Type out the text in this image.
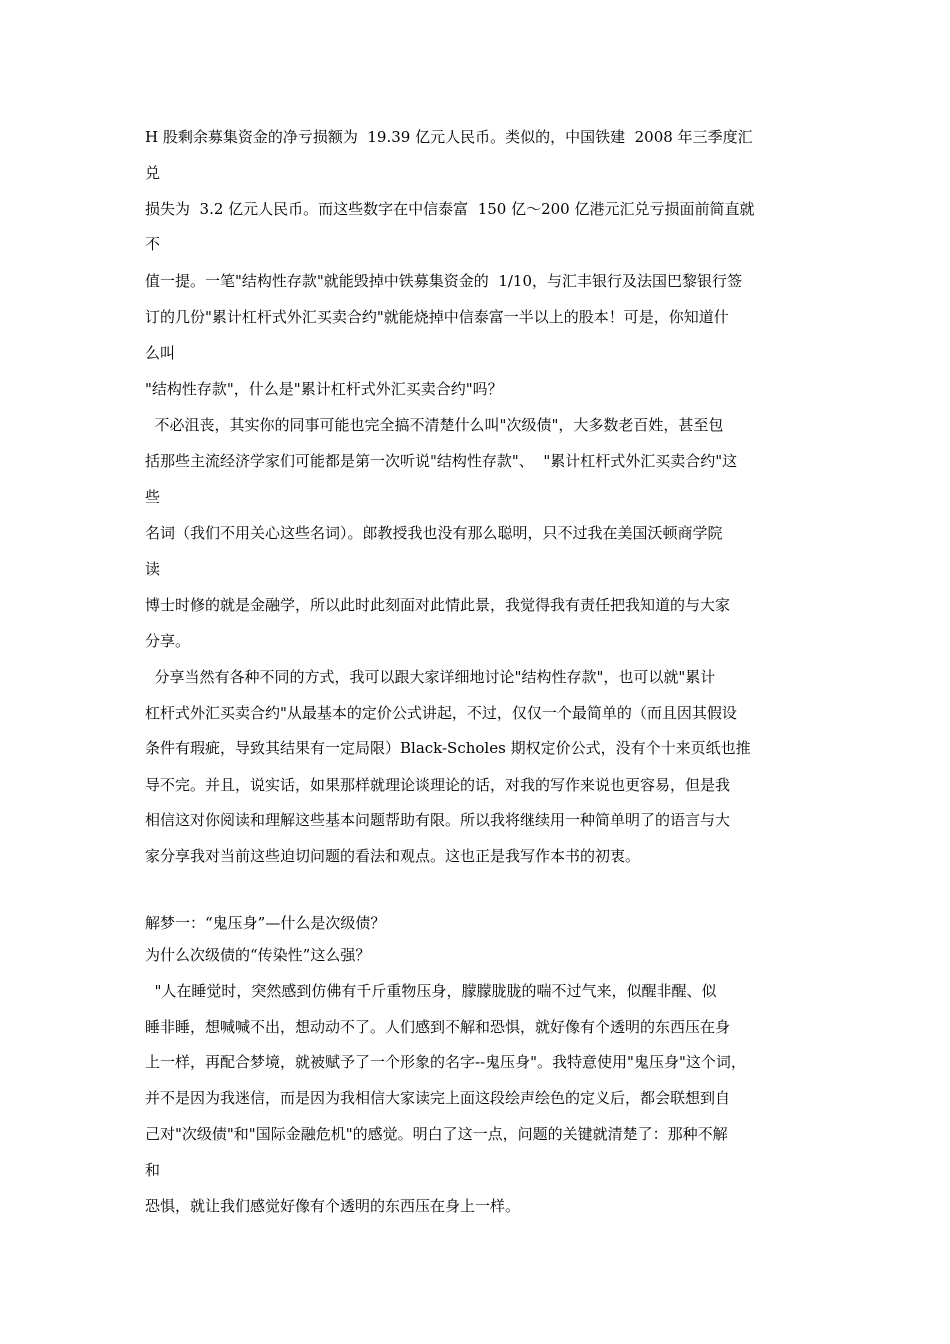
H 股剩余募集资金的净亏损额为  19.39 亿元人民币。类似的，中国铁建  2008 年三季度汇

兑

损失为  3.2 亿元人民币。而这些数字在中信泰富  150 亿～200 亿港元汇兑亏损面前简直就

不

值一提。一笔"结构性存款"就能毁掉中铁募集资金的  1/10，与汇丰银行及法国巴黎银行签

订的几份"累计杠杆式外汇买卖合约"就能烧掉中信泰富一半以上的股本！可是，你知道什

么叫

"结构性存款"，什么是"累计杠杆式外汇买卖合约"吗？

不必沮丧，其实你的同事可能也完全搞不清楚什么叫"次级债"，大多数老百姓，甚至包

括那些主流经济学家们可能都是第一次听说"结构性存款"、  "累计杠杆式外汇买卖合约"这

些

名词（我们不用关心这些名词）。郎教授我也没有那么聪明，只不过我在美国沃顿商学院

读

博士时修的就是金融学，所以此时此刻面对此情此景，我觉得我有责任把我知道的与大家

分享。

分享当然有各种不同的方式，我可以跟大家详细地讨论"结构性存款"，也可以就"累计

杠杆式外汇买卖合约"从最基本的定价公式讲起，不过，仅仅一个最简单的（而且因其假设

条件有瑕疵，导致其结果有一定局限）Black-Scholes 期权定价公式，没有个十来页纸也推

导不完。并且，说实话，如果那样就理论谈理论的话，对我的写作来说也更容易，但是我

相信这对你阅读和理解这些基本问题帮助有限。所以我将继续用一种简单明了的语言与大

家分享我对当前这些迫切问题的看法和观点。这也正是我写作本书的初衷。

解梦一：“鬼压身”—什么是次级债？

为什么次级债的“传染性”这么强？

"人在睡觉时，突然感到仿佛有千斤重物压身，朦朦胧胧的喘不过气来，似醒非醒、似

睡非睡，想喊喊不出，想动动不了。人们感到不解和恐惧，就好像有个透明的东西压在身

上一样，再配合梦境，就被赋予了一个形象的名字--鬼压身"。我特意使用"鬼压身"这个词，

并不是因为我迷信，而是因为我相信大家读完上面这段绘声绘色的定义后，都会联想到自

己对"次级债"和"国际金融危机"的感觉。明白了这一点，问题的关键就清楚了：那种不解

和

恐惧，就让我们感觉好像有个透明的东西压在身上一样。
